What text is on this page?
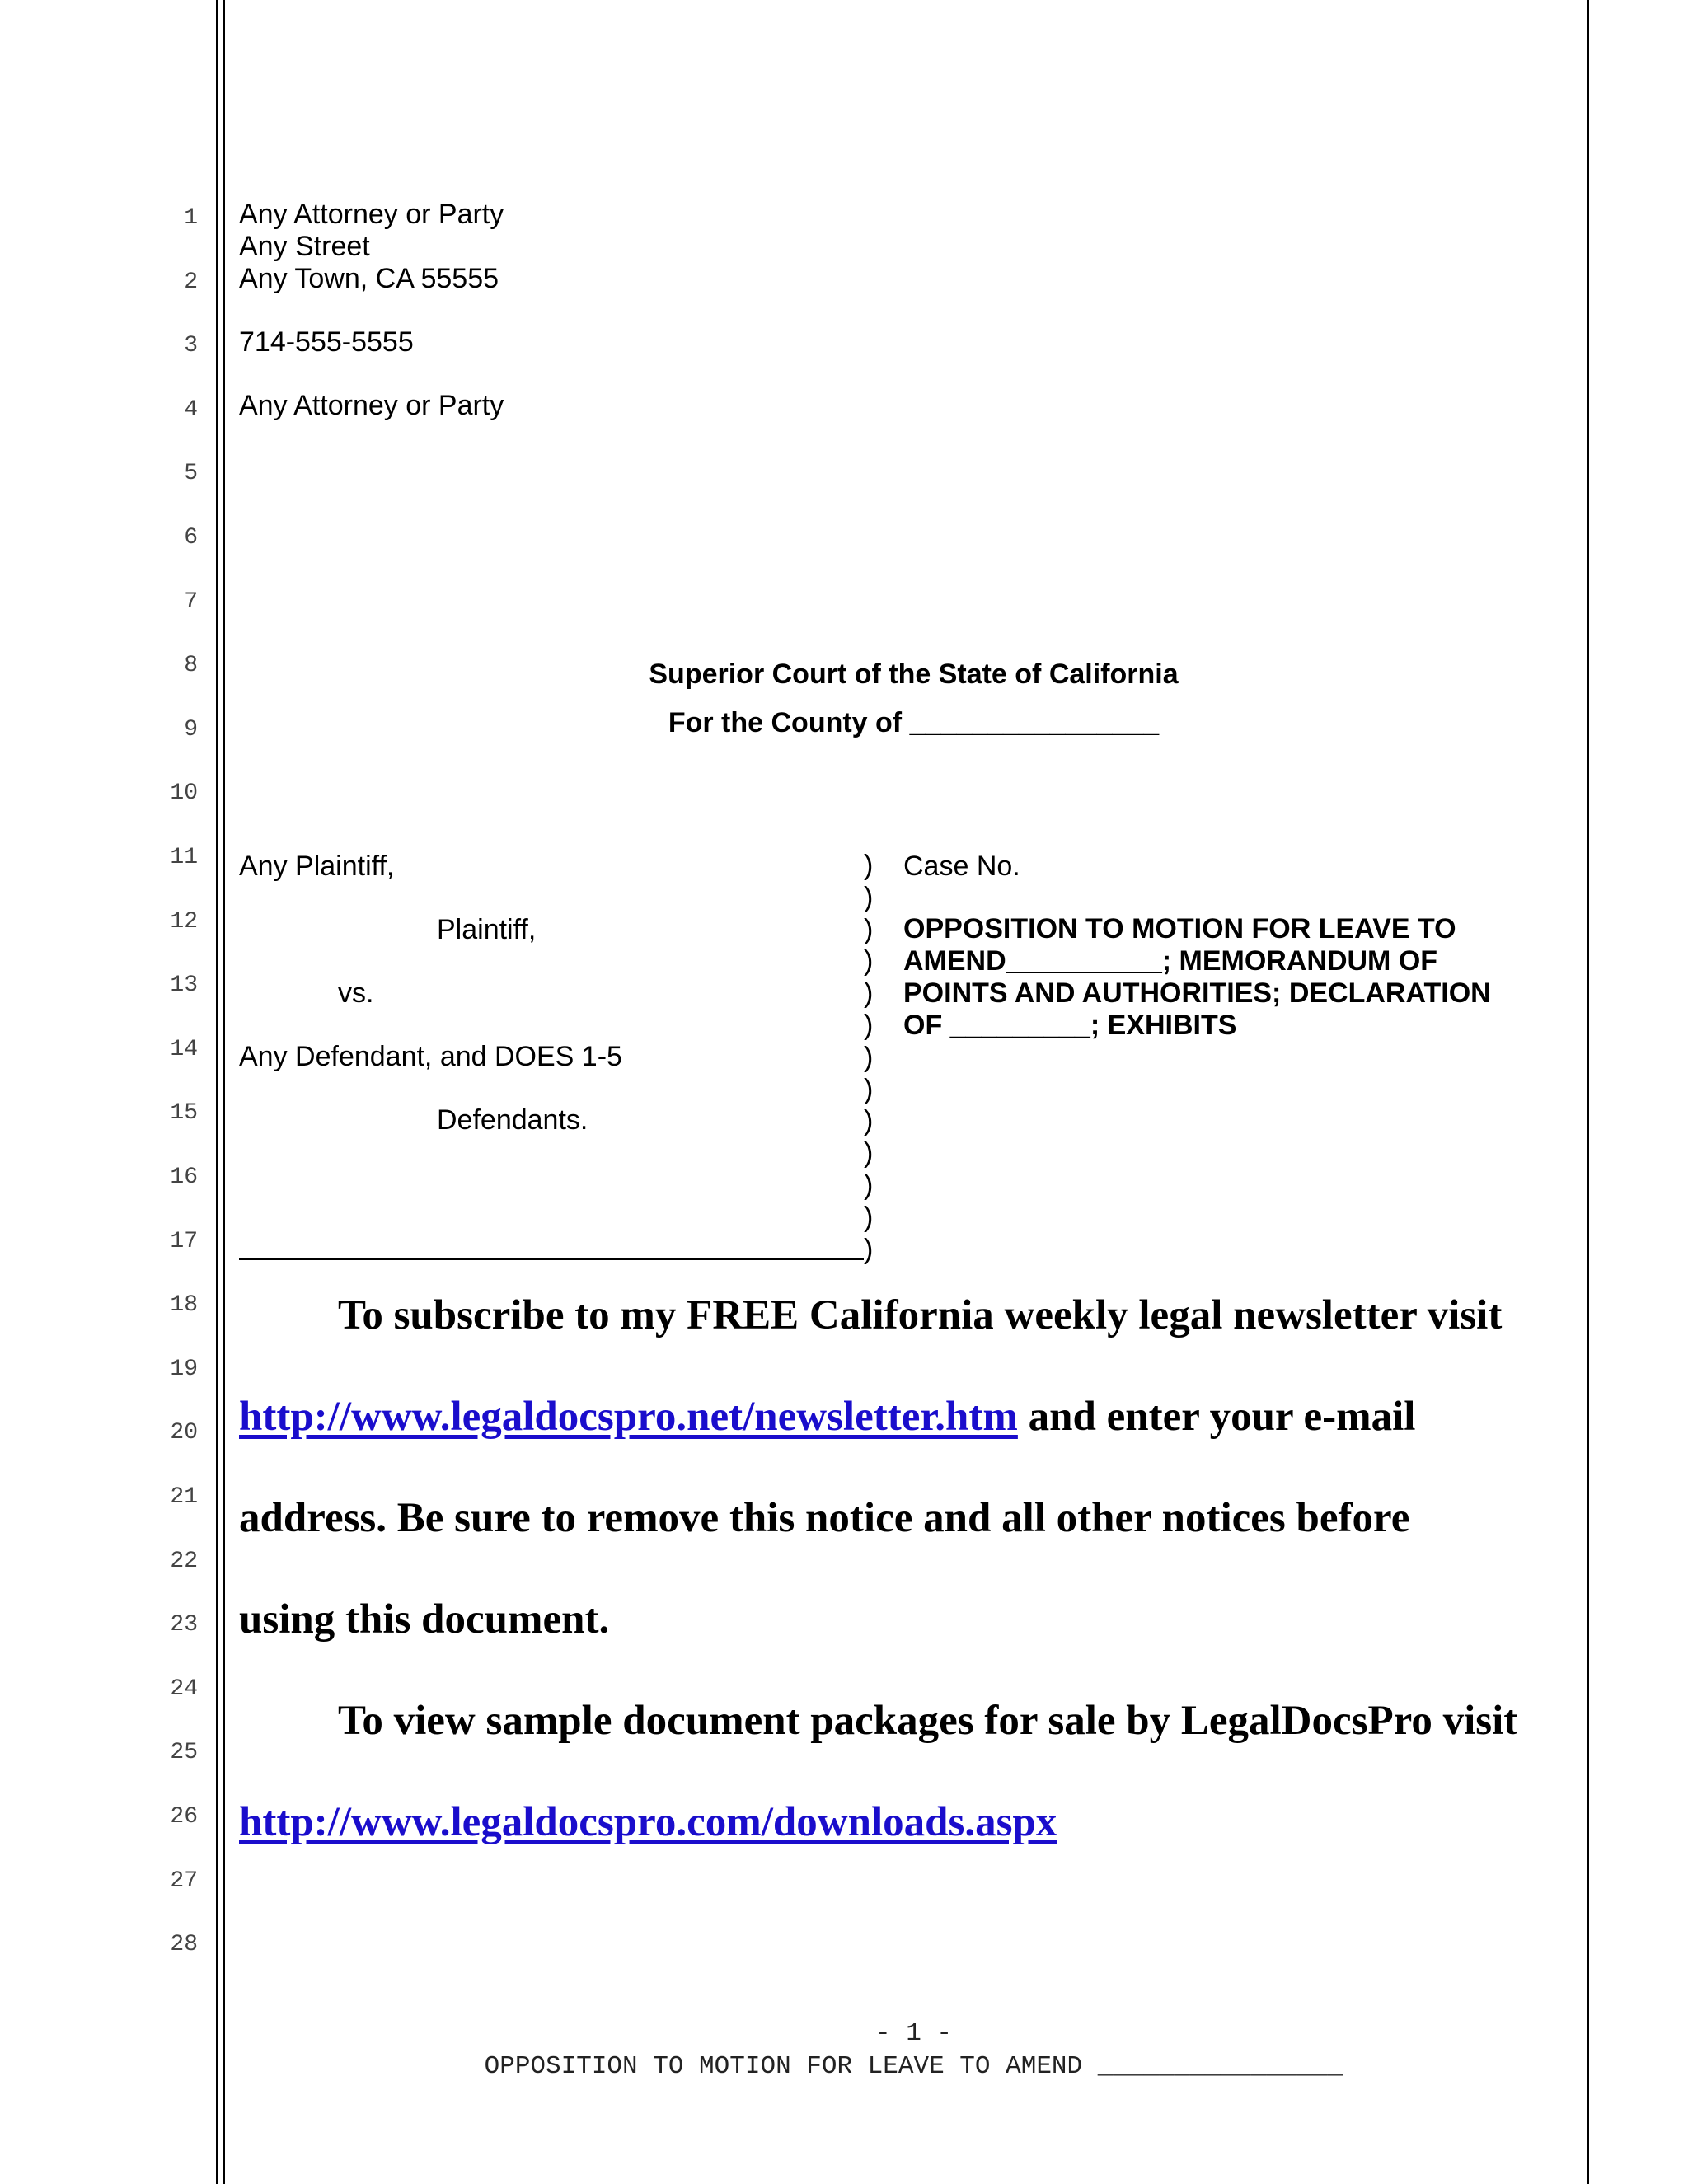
1
2
3
4
5
6
7
8
9
10
11
12
13
14
15
16
17
18
19
20
21
22
23
24
25
26
27
28
Any Attorney or Party
Any Street
Any Town, CA 55555
714-555-5555
Any Attorney or Party
Superior Court of the State of California
For the County of ________________
Any Plaintiff,
Plaintiff,
vs.
Any Defendant, and DOES 1-5
Defendants.
)
)
)
)
)
)
)
)
)
)
)
)
)
Case No.
OPPOSITION TO MOTION FOR LEAVE TO
AMEND__________; MEMORANDUM OF
POINTS AND AUTHORITIES; DECLARATION
OF _________; EXHIBITS
To subscribe to my FREE California weekly legal newsletter visit
http://www.legaldocspro.net/newsletter.htm and enter your e-mail
address. Be sure to remove this notice and all other notices before
using this document.
To view sample document packages for sale by LegalDocsPro visit
http://www.legaldocspro.com/downloads.aspx
- 1 -
OPPOSITION TO MOTION FOR LEAVE TO AMEND ________________
